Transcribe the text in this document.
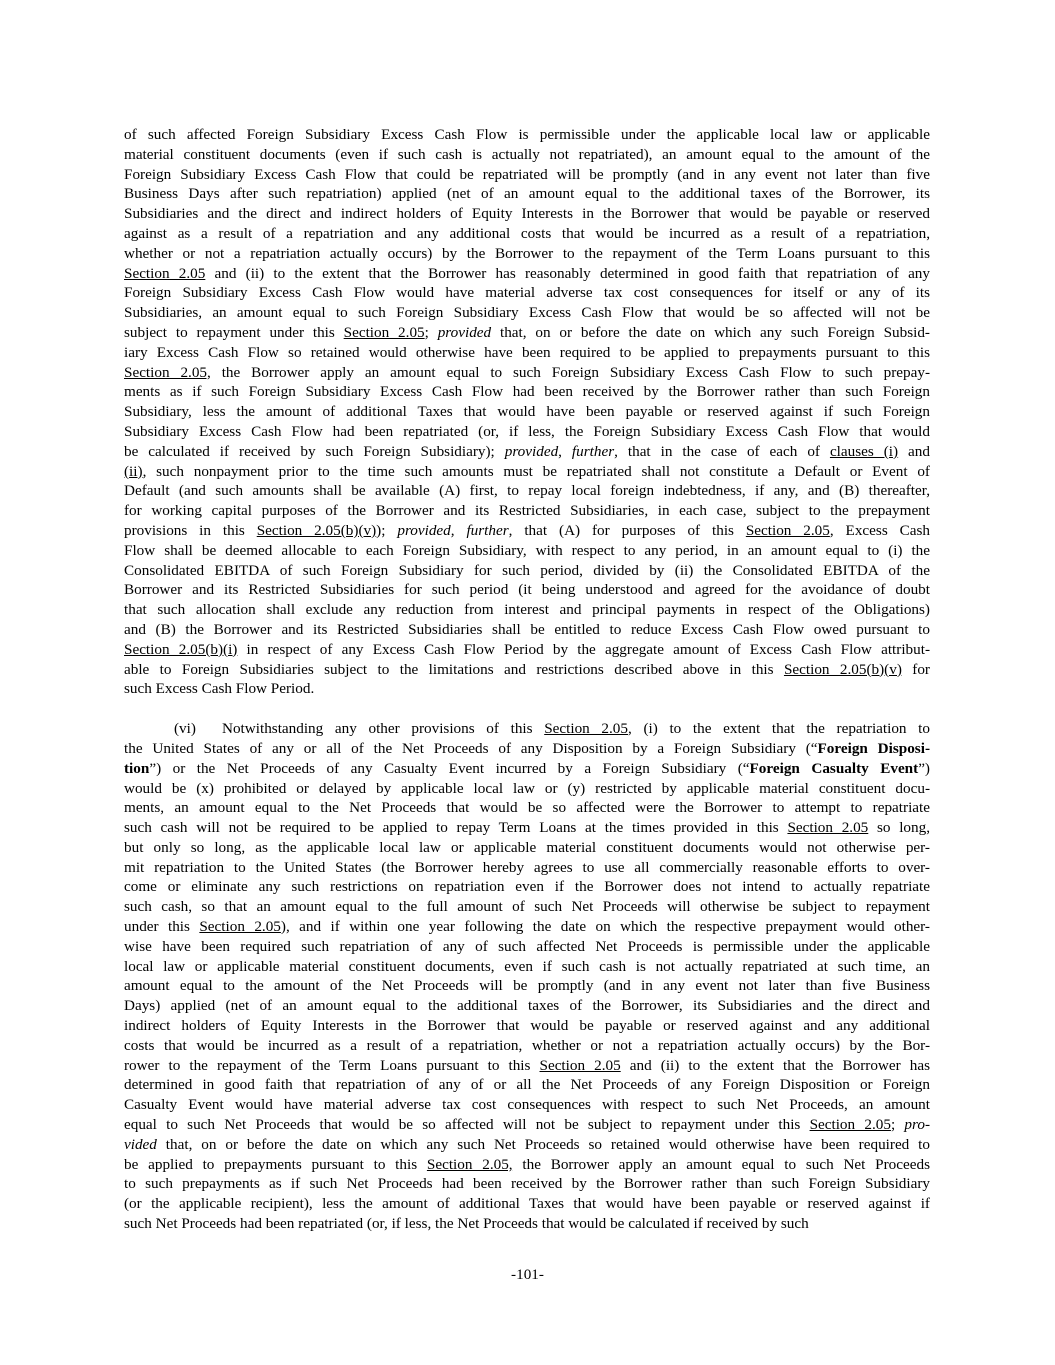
of such affected Foreign Subsidiary Excess Cash Flow is permissible under the applicable local law or applicable
material constituent documents (even if such cash is actually not repatriated), an amount equal to the amount of the
Foreign Subsidiary Excess Cash Flow that could be repatriated will be promptly (and in any event not later than five
Business Days after such repatriation) applied (net of an amount equal to the additional taxes of the Borrower, its
Subsidiaries and the direct and indirect holders of Equity Interests in the Borrower that would be payable or reserved
against as a result of a repatriation and any additional costs that would be incurred as a result of a repatriation,
whether or not a repatriation actually occurs) by the Borrower to the repayment of the Term Loans pursuant to this
Section 2.05 and (ii) to the extent that the Borrower has reasonably determined in good faith that repatriation of any
Foreign Subsidiary Excess Cash Flow would have material adverse tax cost consequences for itself or any of its
Subsidiaries, an amount equal to such Foreign Subsidiary Excess Cash Flow that would be so affected will not be
subject to repayment under this Section 2.05; provided that, on or before the date on which any such Foreign Subsid-
iary Excess Cash Flow so retained would otherwise have been required to be applied to prepayments pursuant to this
Section 2.05, the Borrower apply an amount equal to such Foreign Subsidiary Excess Cash Flow to such prepay-
ments as if such Foreign Subsidiary Excess Cash Flow had been received by the Borrower rather than such Foreign
Subsidiary, less the amount of additional Taxes that would have been payable or reserved against if such Foreign
Subsidiary Excess Cash Flow had been repatriated (or, if less, the Foreign Subsidiary Excess Cash Flow that would
be calculated if received by such Foreign Subsidiary); provided, further, that in the case of each of clauses (i) and
(ii), such nonpayment prior to the time such amounts must be repatriated shall not constitute a Default or Event of
Default (and such amounts shall be available (A) first, to repay local foreign indebtedness, if any, and (B) thereafter,
for working capital purposes of the Borrower and its Restricted Subsidiaries, in each case, subject to the prepayment
provisions in this Section 2.05(b)(v)); provided, further, that (A) for purposes of this Section 2.05, Excess Cash
Flow shall be deemed allocable to each Foreign Subsidiary, with respect to any period, in an amount equal to (i) the
Consolidated EBITDA of such Foreign Subsidiary for such period, divided by (ii) the Consolidated EBITDA of the
Borrower and its Restricted Subsidiaries for such period (it being understood and agreed for the avoidance of doubt
that such allocation shall exclude any reduction from interest and principal payments in respect of the Obligations)
and (B) the Borrower and its Restricted Subsidiaries shall be entitled to reduce Excess Cash Flow owed pursuant to
Section 2.05(b)(i) in respect of any Excess Cash Flow Period by the aggregate amount of Excess Cash Flow attribut-
able to Foreign Subsidiaries subject to the limitations and restrictions described above in this Section 2.05(b)(v) for
such Excess Cash Flow Period.

(vi) Notwithstanding any other provisions of this Section 2.05, (i) to the extent that the repatriation to
the United States of any or all of the Net Proceeds of any Disposition by a Foreign Subsidiary (“Foreign Disposi-
tion”) or the Net Proceeds of any Casualty Event incurred by a Foreign Subsidiary (“Foreign Casualty Event”)
would be (x) prohibited or delayed by applicable local law or (y) restricted by applicable material constituent docu-
ments, an amount equal to the Net Proceeds that would be so affected were the Borrower to attempt to repatriate
such cash will not be required to be applied to repay Term Loans at the times provided in this Section 2.05 so long,
but only so long, as the applicable local law or applicable material constituent documents would not otherwise per-
mit repatriation to the United States (the Borrower hereby agrees to use all commercially reasonable efforts to over-
come or eliminate any such restrictions on repatriation even if the Borrower does not intend to actually repatriate
such cash, so that an amount equal to the full amount of such Net Proceeds will otherwise be subject to repayment
under this Section 2.05), and if within one year following the date on which the respective prepayment would other-
wise have been required such repatriation of any of such affected Net Proceeds is permissible under the applicable
local law or applicable material constituent documents, even if such cash is not actually repatriated at such time, an
amount equal to the amount of the Net Proceeds will be promptly (and in any event not later than five Business
Days) applied (net of an amount equal to the additional taxes of the Borrower, its Subsidiaries and the direct and
indirect holders of Equity Interests in the Borrower that would be payable or reserved against and any additional
costs that would be incurred as a result of a repatriation, whether or not a repatriation actually occurs) by the Bor-
rower to the repayment of the Term Loans pursuant to this Section 2.05 and (ii) to the extent that the Borrower has
determined in good faith that repatriation of any of or all the Net Proceeds of any Foreign Disposition or Foreign
Casualty Event would have material adverse tax cost consequences with respect to such Net Proceeds, an amount
equal to such Net Proceeds that would be so affected will not be subject to repayment under this Section 2.05; pro-
vided that, on or before the date on which any such Net Proceeds so retained would otherwise have been required to
be applied to prepayments pursuant to this Section 2.05, the Borrower apply an amount equal to such Net Proceeds
to such prepayments as if such Net Proceeds had been received by the Borrower rather than such Foreign Subsidiary
(or the applicable recipient), less the amount of additional Taxes that would have been payable or reserved against if
such Net Proceeds had been repatriated (or, if less, the Net Proceeds that would be calculated if received by such

-101-
